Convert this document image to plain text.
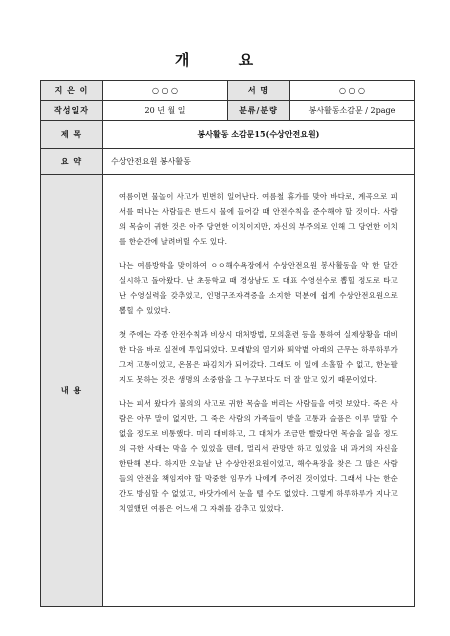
개 요
지 은 이	○ ○ ○	서 명	○ ○ ○
작성일자	20 년 월 일	분류/분량	봉사활동소감문 / 2page
제 목	봉사활동 소감문15(수상안전요원)		
요 약	수상안전요원 봉사활동		
내 용	여름이면 물놀이 사고가 빈번히 일어난다. 여름철 휴가를 맞아 바다로, 계곡으로 피서를 떠나는 사람들은 반드시 물에 들어갈 때 안전수칙을 준수해야 할 것이다. 사람의 목숨이 귀한 것은 아주 당연한 이치이지만, 자신의 부주의로 인해 그 당연한 이치를 한순간에 날려버릴 수도 있다.

나는 여름방학을 맞이하여 ㅇㅇ해수욕장에서 수상안전요원 봉사활동을 약 한 달간 실시하고 돌아왔다. 난 초등학교 때 경상남도 도 대표 수영선수로 뽑힐 정도로 타고난 수영실력을 갖추었고, 인명구조자격증을 소지한 덕분에 쉽게 수상안전요원으로 뽑힐 수 있었다.

첫 주에는 각종 안전수칙과 비상시 대처방법, 모의훈련 등을 통하여 실제상황을 대비한 다음 바로 실전에 투입되었다. 모래밭의 열기와 뙤약볕 아래의 근무는 하루하루가 그저 고통이었고, 온몸은 파김치가 되어갔다. 그래도 이 일에 소홀할 수 없고, 한눈팔지도 못하는 것은 생명의 소중함을 그 누구보다도 더 잘 알고 있기 때문이었다.

나는 피서 왔다가 불의의 사고로 귀한 목숨을 버리는 사람들을 여럿 보았다. 죽은 사람은 아무 말이 없지만, 그 죽은 사람의 가족들이 받을 고통과 슬픔은 이루 말할 수 없을 정도로 비통했다. 미리 대비하고, 그 대처가 조금만 빨랐다면 목숨을 잃을 정도의 극한 사태는 막을 수 있었을 텐데, 멀리서 관망만 하고 있었을 내 과거의 자신을 한탄해 본다. 하지만 오늘날 난 수상안전요원이었고, 해수욕장을 찾은 그 많은 사람들의 안전을 책임져야 할 막중한 임무가 나에게 주어진 것이었다. 그래서 나는 한순간도 방심할 수 없었고, 바닷가에서 눈을 뗄 수도 없었다. 그렇게 하루하루가 지나고 치열했던 여름은 어느새 그 자취를 감추고 있었다.		
